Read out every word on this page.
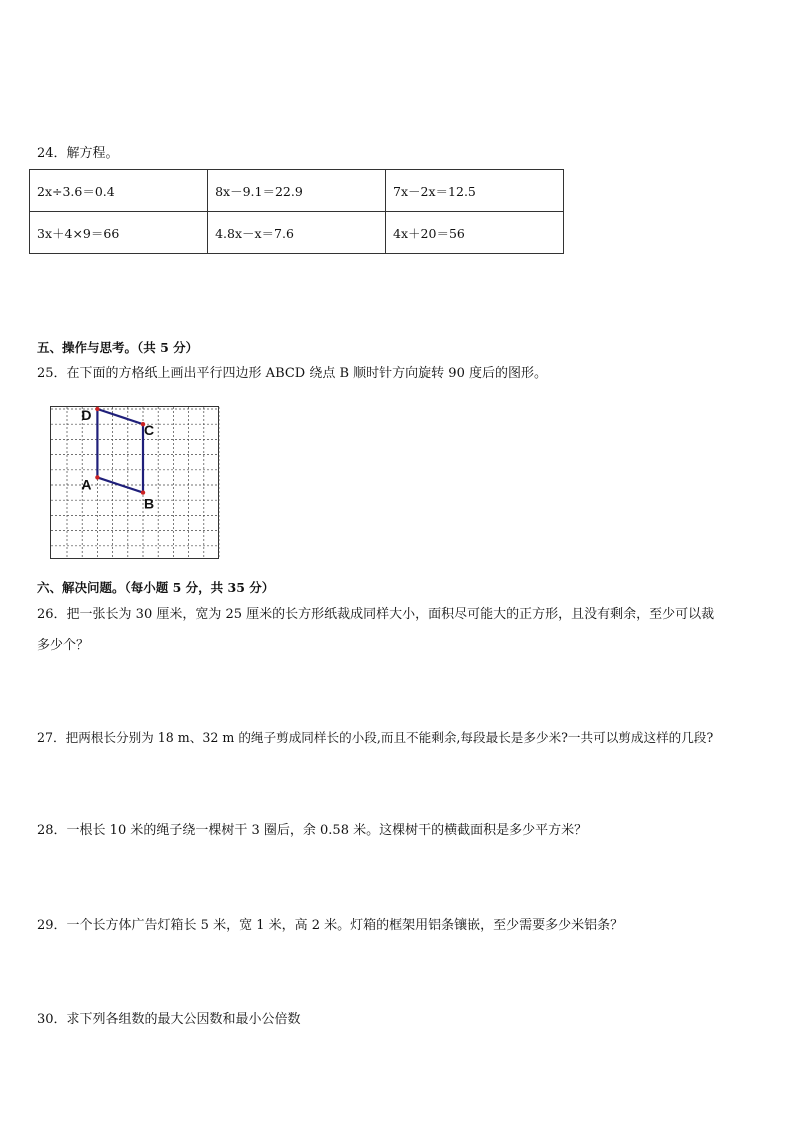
24．解方程。
2x÷3.6＝0.4	8x－9.1＝22.9	7x－2x＝12.5
3x＋4×9＝66	4.8x－x＝7.6	4x＋20＝56
五、操作与思考。（共 5 分）
25．在下面的方格纸上画出平行四边形 ABCD 绕点 B 顺时针方向旋转 90 度后的图形。
D
C
A
B
六、解决问题。（每小题 5 分，共 35 分）
26．把一张长为 30 厘米，宽为 25 厘米的长方形纸裁成同样大小，面积尽可能大的正方形，且没有剩余，至少可以裁
多少个？
27．把两根长分别为 18 m、32 m 的绳子剪成同样长的小段,而且不能剩余,每段最长是多少米?一共可以剪成这样的几段?
28．一根长 10 米的绳子绕一棵树干 3 圈后，余 0.58 米。这棵树干的横截面积是多少平方米？
29．一个长方体广告灯箱长 5 米，宽 1 米，高 2 米。灯箱的框架用铝条镶嵌，至少需要多少米铝条？
30．求下列各组数的最大公因数和最小公倍数
